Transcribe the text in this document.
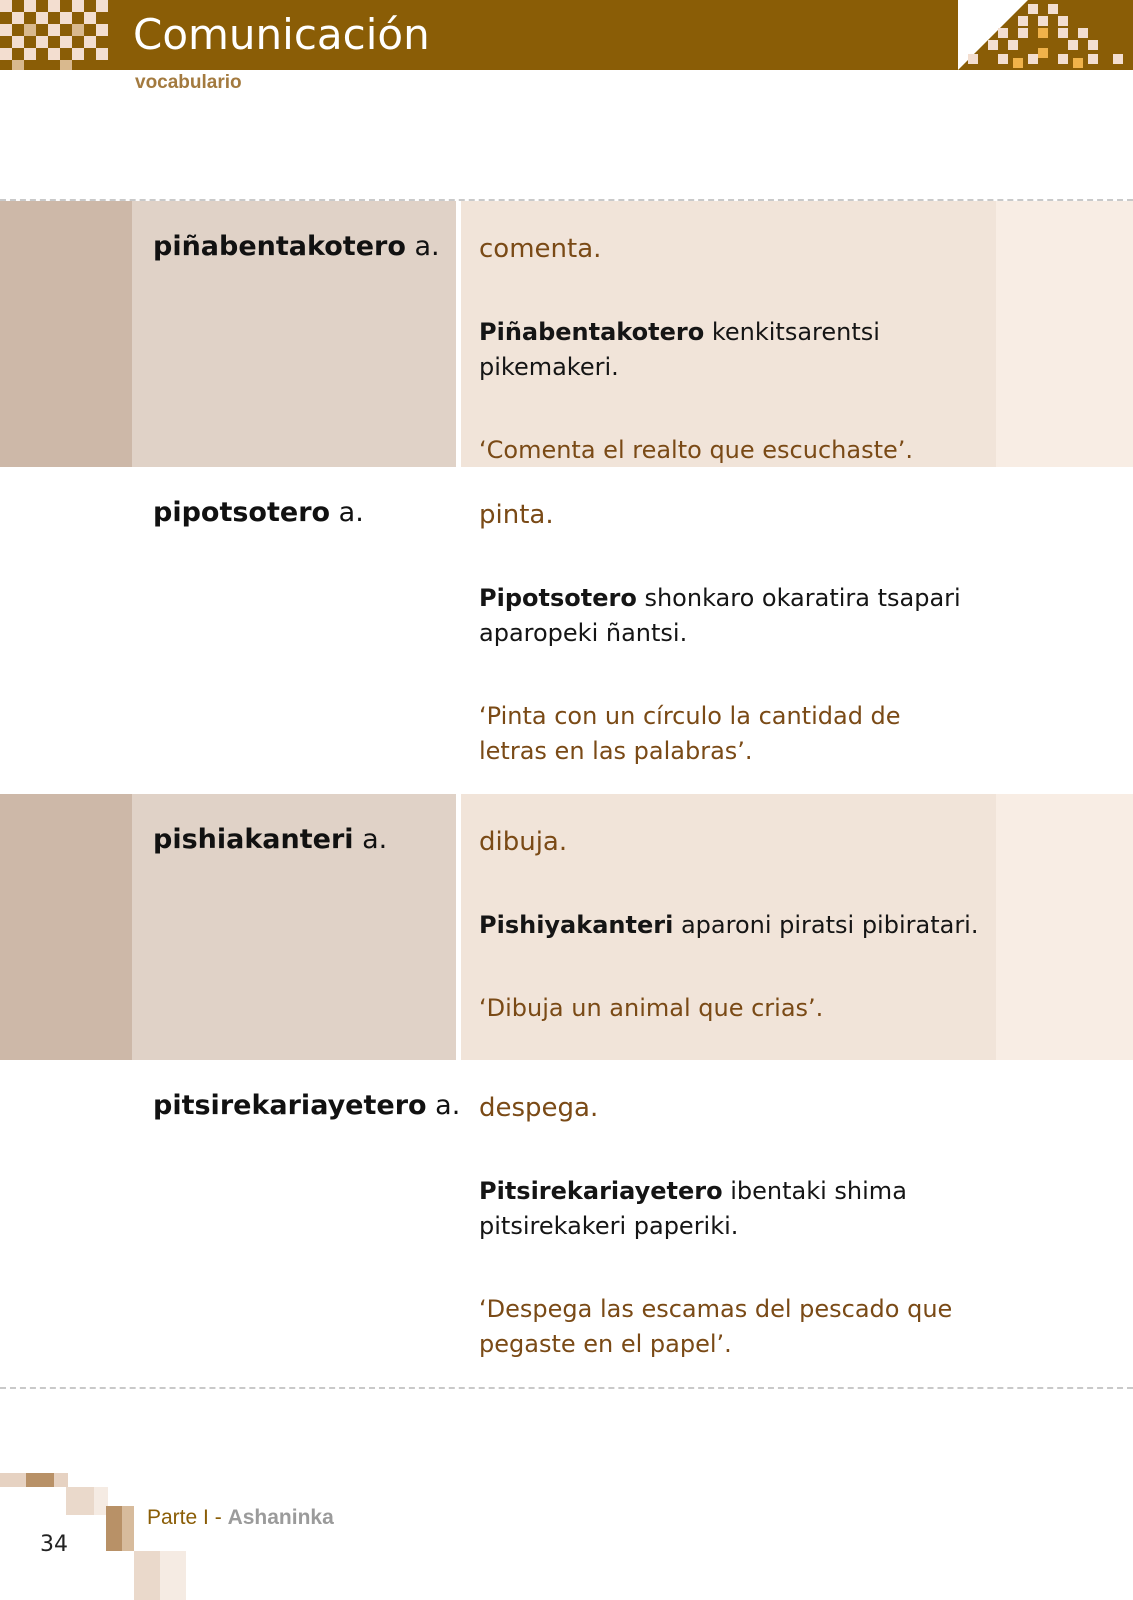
Comunicación
vocabulario
piñabentakotero a. comenta.
Piñabentakotero kenkitsarentsi pikemakeri.
‘Comenta el realto que escuchaste’.
pipotsotero a.	pinta.
Pipotsotero shonkaro okaratira tsapari aparopeki ñantsi.
‘Pinta con un círculo la cantidad de letras en las palabras’.
pishiakanteri a.	dibuja.
Pishiyakanteri aparoni piratsi pibiratari.
‘Dibuja un animal que crias’.
pitsirekariayetero a. despega.
Pitsirekariayetero ibentaki shima pitsirekakeri paperiki.
‘Despega las escamas del pescado que pegaste en el papel’.
34
Parte I - Ashaninka
